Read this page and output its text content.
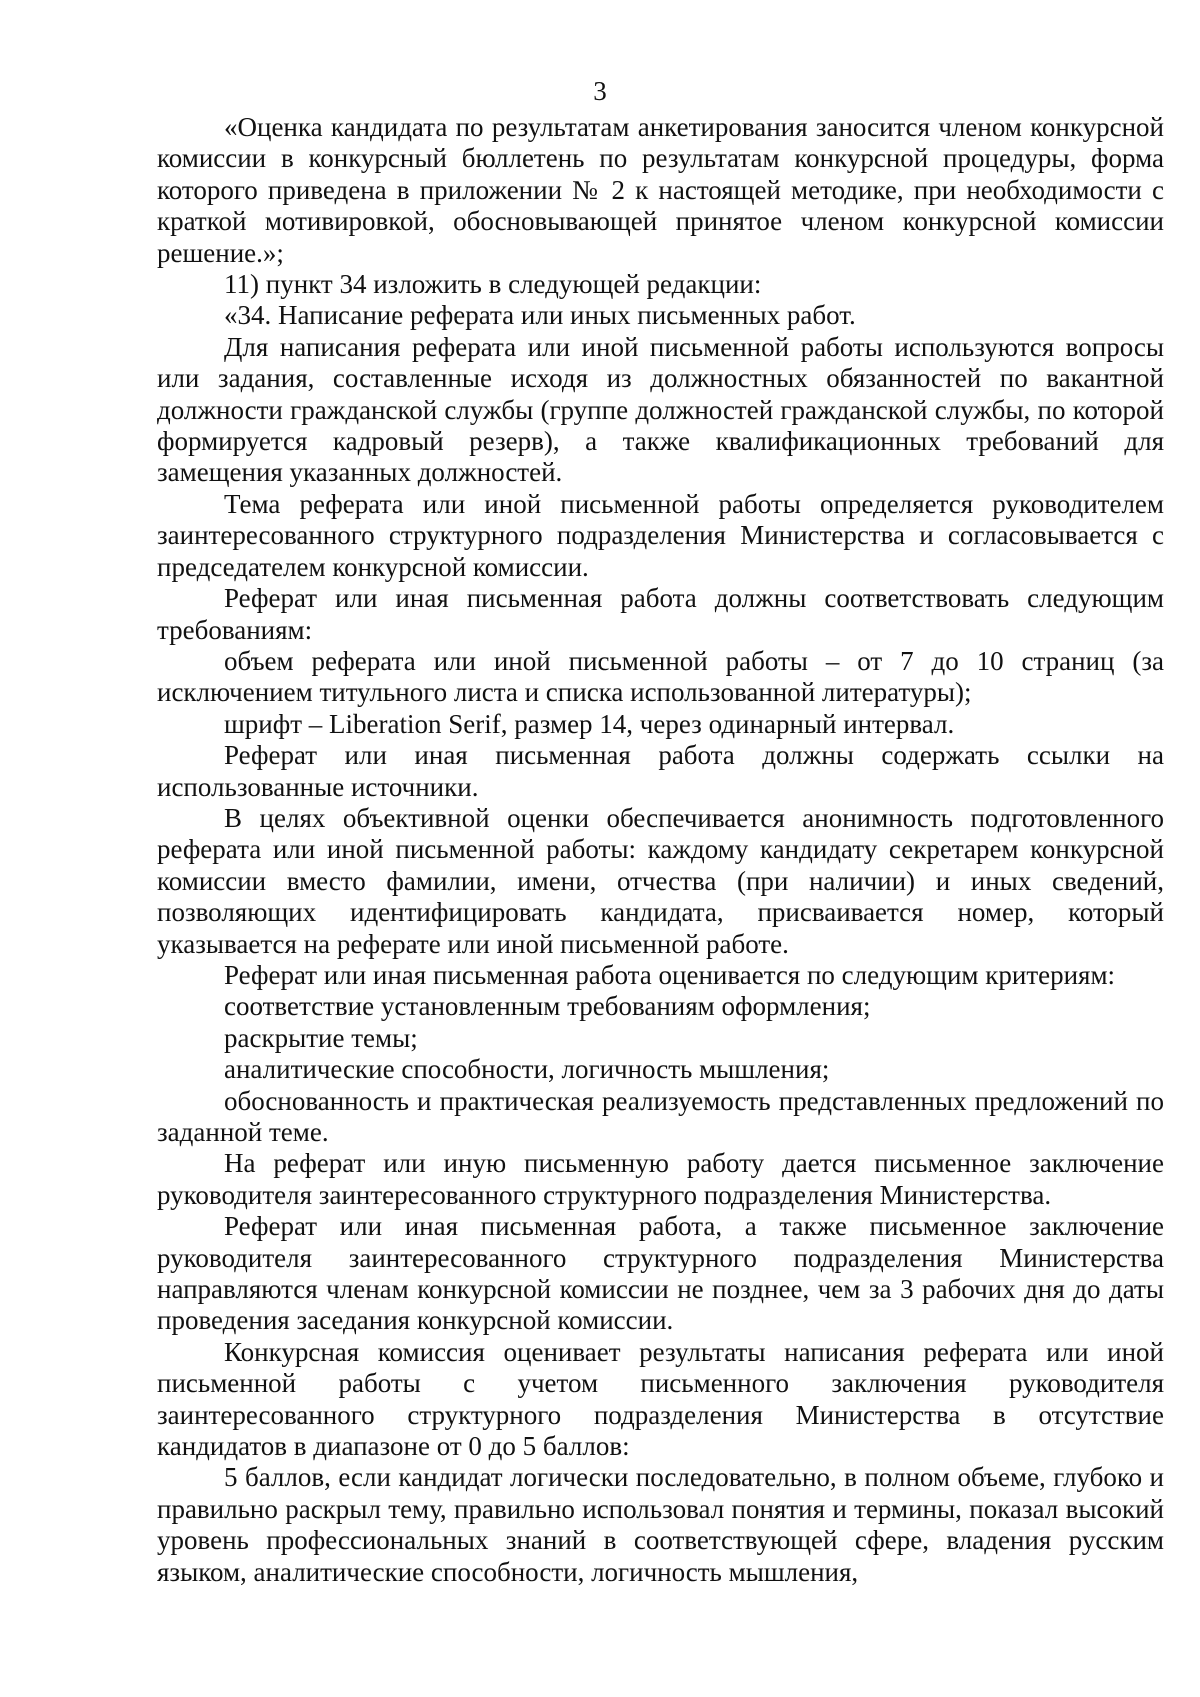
3

«Оценка кандидата по результатам анкетирования заносится членом конкурсной комиссии в конкурсный бюллетень по результатам конкурсной процедуры, форма которого приведена в приложении № 2 к настоящей методике, при необходимости с краткой мотивировкой, обосновывающей принятое членом конкурсной комиссии решение.»;

11) пункт 34 изложить в следующей редакции:

«34. Написание реферата или иных письменных работ.

Для написания реферата или иной письменной работы используются вопросы или задания, составленные исходя из должностных обязанностей по вакантной должности гражданской службы (группе должностей гражданской службы, по которой формируется кадровый резерв), а также квалификационных требований для замещения указанных должностей.

Тема реферата или иной письменной работы определяется руководителем заинтересованного структурного подразделения Министерства и согласовывается с председателем конкурсной комиссии.

Реферат или иная письменная работа должны соответствовать следующим требованиям:

объем реферата или иной письменной работы – от 7 до 10 страниц (за исключением титульного листа и списка использованной литературы);

шрифт – Liberation Serif, размер 14, через одинарный интервал.

Реферат или иная письменная работа должны содержать ссылки на использованные источники.

В целях объективной оценки обеспечивается анонимность подготовленного реферата или иной письменной работы: каждому кандидату секретарем конкурсной комиссии вместо фамилии, имени, отчества (при наличии) и иных сведений, позволяющих идентифицировать кандидата, присваивается номер, который указывается на реферате или иной письменной работе.

Реферат или иная письменная работа оценивается по следующим критериям:

соответствие установленным требованиям оформления;

раскрытие темы;

аналитические способности, логичность мышления;

обоснованность и практическая реализуемость представленных предложений по заданной теме.

На реферат или иную письменную работу дается письменное заключение руководителя заинтересованного структурного подразделения Министерства.

Реферат или иная письменная работа, а также письменное заключение руководителя заинтересованного структурного подразделения Министерства направляются членам конкурсной комиссии не позднее, чем за 3 рабочих дня до даты проведения заседания конкурсной комиссии.

Конкурсная комиссия оценивает результаты написания реферата или иной письменной работы с учетом письменного заключения руководителя заинтересованного структурного подразделения Министерства в отсутствие кандидатов в диапазоне от 0 до 5 баллов:

5 баллов, если кандидат логически последовательно, в полном объеме, глубоко и правильно раскрыл тему, правильно использовал понятия и термины, показал высокий уровень профессиональных знаний в соответствующей сфере, владения русским языком, аналитические способности, логичность мышления,
